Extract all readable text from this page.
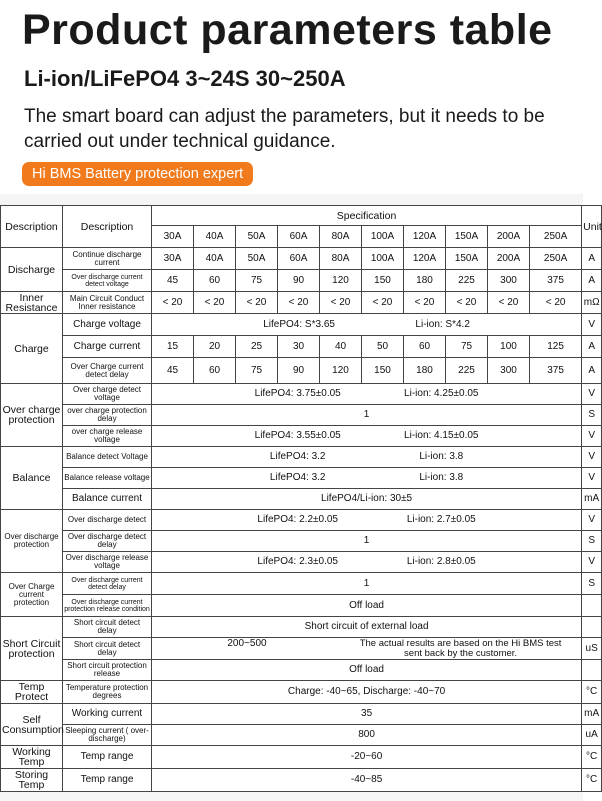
Product parameters table
Li-ion/LiFePO4 3~24S 30~250A

The smart board can adjust the parameters, but it needs to be carried out under technical guidance.

Hi BMS Battery protection expert
Description	Description	Specification										Unit
		30A	40A	50A	60A	80A	100A	120A	150A	200A	250A	
Discharge	Continue discharge current	30A	40A	50A	60A	80A	100A	120A	150A	200A	250A	A
	Over discharge current detect voltage	45	60	75	90	120	150	180	225	300	375	A
Inner Resistance	Main Circuit Conduct Inner resistance	< 20	< 20	< 20	< 20	< 20	< 20	< 20	< 20	< 20	< 20	mΩ
Charge	Charge voltage	LifePO4: S*3.65 Li-ion: S*4.2										V
	Charge current	15	20	25	30	40	50	60	75	100	125	A
	Over Charge current detect delay	45	60	75	90	120	150	180	225	300	375	A
Over charge protection	Over charge detect voltage	LifePO4: 3.75±0.05 Li-ion: 4.25±0.05										V
	over charge protection delay	1										S
	over charge release voltage	LifePO4: 3.55±0.05 Li-ion: 4.15±0.05										V
Balance	Balance detect Voltage	LifePO4: 3.2 Li-ion: 3.8										V
	Balance release voltage	LifePO4: 3.2 Li-ion: 3.8										V
	Balance current	LifePO4/Li-ion: 30±5										mA
Over discharge protection	Over discharge detect	LifePO4: 2.2±0.05 Li-ion: 2.7±0.05										V
	Over discharge detect delay	1										S
	Over discharge release voltage	LifePO4: 2.3±0.05 Li-ion: 2.8±0.05										V
Over Charge current protection	Over discharge current detect delay	1										S
	Over discharge current protection release condition	Off load										
Short Circuit protection	Short circuit detect delay	Short circuit of external load										
	Short circuit detect delay	200~500 The actual results are based on the Hi BMS test sent back by the customer.										uS
	Short circuit protection release	Off load										
Temp Protect	Temperature protection degrees	Charge: -40~65, Discharge: -40~70										°C
Self Consumption	Working current	35										mA
	Sleeping current ( over-discharge)	800										uA
Working Temp	Temp range	-20~60										°C
Storing Temp	Temp range	-40~85										°C
